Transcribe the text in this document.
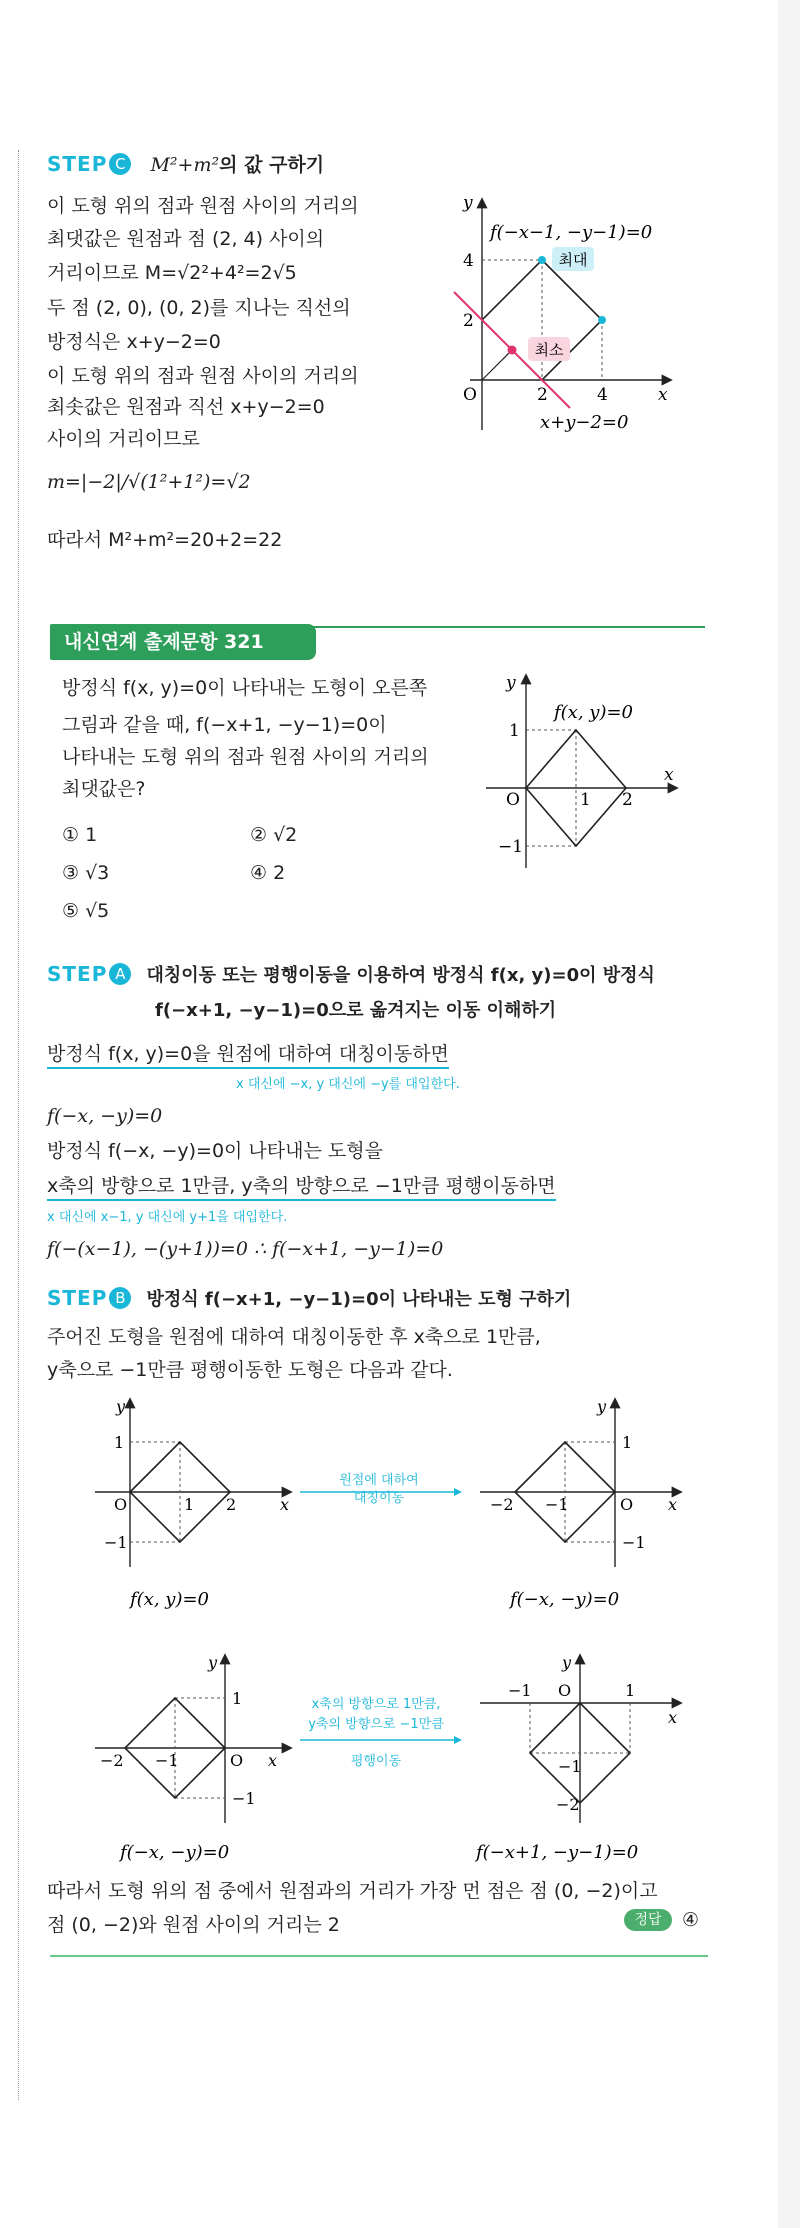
STEP C M²+m²의 값 구하기
이 도형 위의 점과 원점 사이의 거리의
최댓값은 원점과 점 (2, 4) 사이의
거리이므로 M=√2²+4²=2√5
두 점 (2, 0), (0, 2)를 지나는 직선의
방정식은 x+y−2=0
이 도형 위의 점과 원점 사이의 거리의
최솟값은 원점과 직선 x+y−2=0
사이의 거리이므로
m=|−2|/√(1²+1²)=√2
따라서 M²+m²=20+2=22
최대
최소
y
x
O
4
2
2	4
f(−x−1, −y−1)=0
x+y−2=0
내신연계 출제문항 321
방정식 f(x, y)=0이 나타내는 도형이 오른쪽
그림과 같을 때, f(−x+1, −y−1)=0이
나타내는 도형 위의 점과 원점 사이의 거리의
최댓값은?
① 1	② √2
③ √3	④ 2
⑤ √5
y
x
O
1
1 2
−1
f(x, y)=0
STEP A 대칭이동 또는 평행이동을 이용하여 방정식 f(x, y)=0이 방정식
f(−x+1, −y−1)=0으로 옮겨지는 이동 이해하기
방정식 f(x, y)=0을 원점에 대하여 대칭이동하면
x 대신에 −x, y 대신에 −y를 대입한다.
f(−x, −y)=0
방정식 f(−x, −y)=0이 나타내는 도형을
x축의 방향으로 1만큼, y축의 방향으로 −1만큼 평행이동하면
x 대신에 x−1, y 대신에 y+1을 대입한다.
f(−(x−1), −(y+1))=0 ∴ f(−x+1, −y−1)=0
STEP B 방정식 f(−x+1, −y−1)=0이 나타내는 도형 구하기
주어진 도형을 원점에 대하여 대칭이동한 후 x축으로 1만큼,
y축으로 −1만큼 평행이동한 도형은 다음과 같다.
y
x
O
1
1 2
−1
f(x, y)=0
원점에 대하여
대칭이동
y
x
O
1
−1
−2 −1
f(−x, −y)=0
y
x
O
1
−1
−2 −1
f(−x, −y)=0
x축의 방향으로 1만큼,
y축의 방향으로 −1만큼
평행이동
y
x
O
−1	1
−1
−2
f(−x+1, −y−1)=0
따라서 도형 위의 점 중에서 원점과의 거리가 가장 먼 점은 점 (0, −2)이고
점 (0, −2)와 원점 사이의 거리는 2	정답	④
